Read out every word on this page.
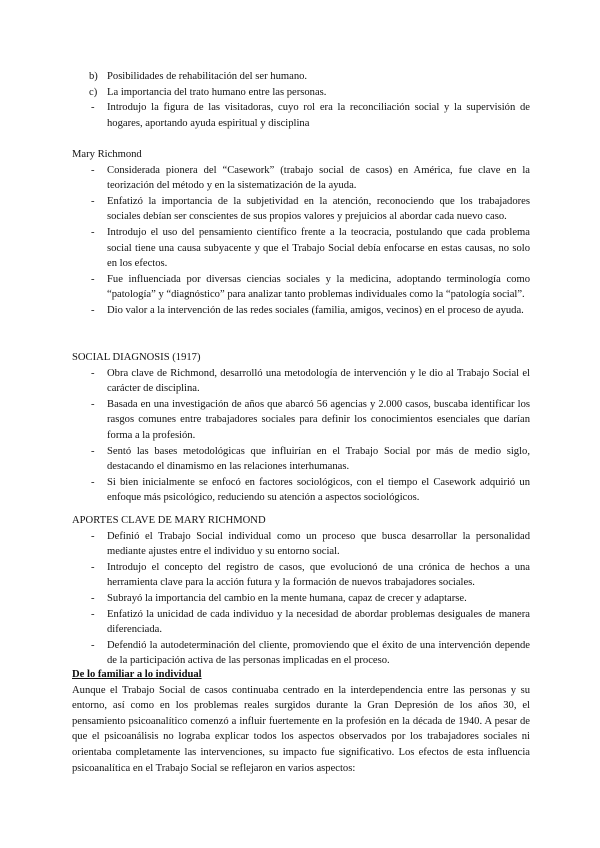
b) Posibilidades de rehabilitación del ser humano.
c) La importancia del trato humano entre las personas.
- Introdujo la figura de las visitadoras, cuyo rol era la reconciliación social y la supervisión de hogares, aportando ayuda espiritual y disciplina

Mary Richmond

- Considerada pionera del “Casework” (trabajo social de casos) en América, fue clave en la teorización del método y en la sistematización de la ayuda.
- Enfatizó la importancia de la subjetividad en la atención, reconociendo que los trabajadores sociales debían ser conscientes de sus propios valores y prejuicios al abordar cada nuevo caso.
- Introdujo el uso del pensamiento científico frente a la teocracia, postulando que cada problema social tiene una causa subyacente y que el Trabajo Social debía enfocarse en estas causas, no solo en los efectos.
- Fue influenciada por diversas ciencias sociales y la medicina, adoptando terminología como “patología” y “diagnóstico” para analizar tanto problemas individuales como la “patología social”.
- Dio valor a la intervención de las redes sociales (familia, amigos, vecinos) en el proceso de ayuda.

SOCIAL DIAGNOSIS (1917)

- Obra clave de Richmond, desarrolló una metodología de intervención y le dio al Trabajo Social el carácter de disciplina.
- Basada en una investigación de años que abarcó 56 agencias y 2.000 casos, buscaba identificar los rasgos comunes entre trabajadores sociales para definir los conocimientos esenciales que darían forma a la profesión.
- Sentó las bases metodológicas que influirían en el Trabajo Social por más de medio siglo, destacando el dinamismo en las relaciones interhumanas.
- Si bien inicialmente se enfocó en factores sociológicos, con el tiempo el Casework adquirió un enfoque más psicológico, reduciendo su atención a aspectos sociológicos.

APORTES CLAVE DE MARY RICHMOND

- Definió el Trabajo Social individual como un proceso que busca desarrollar la personalidad mediante ajustes entre el individuo y su entorno social.
- Introdujo el concepto del registro de casos, que evolucionó de una crónica de hechos a una herramienta clave para la acción futura y la formación de nuevos trabajadores sociales.
- Subrayó la importancia del cambio en la mente humana, capaz de crecer y adaptarse.
- Enfatizó la unicidad de cada individuo y la necesidad de abordar problemas desiguales de manera diferenciada.
- Defendió la autodeterminación del cliente, promoviendo que el éxito de una intervención depende de la participación activa de las personas implicadas en el proceso.

De lo familiar a lo individual

Aunque el Trabajo Social de casos continuaba centrado en la interdependencia entre las personas y su entorno, así como en los problemas reales surgidos durante la Gran Depresión de los años 30, el pensamiento psicoanalítico comenzó a influir fuertemente en la profesión en la década de 1940. A pesar de que el psicoanálisis no lograba explicar todos los aspectos observados por los trabajadores sociales ni orientaba completamente las intervenciones, su impacto fue significativo. Los efectos de esta influencia psicoanalítica en el Trabajo Social se reflejaron en varios aspectos:
